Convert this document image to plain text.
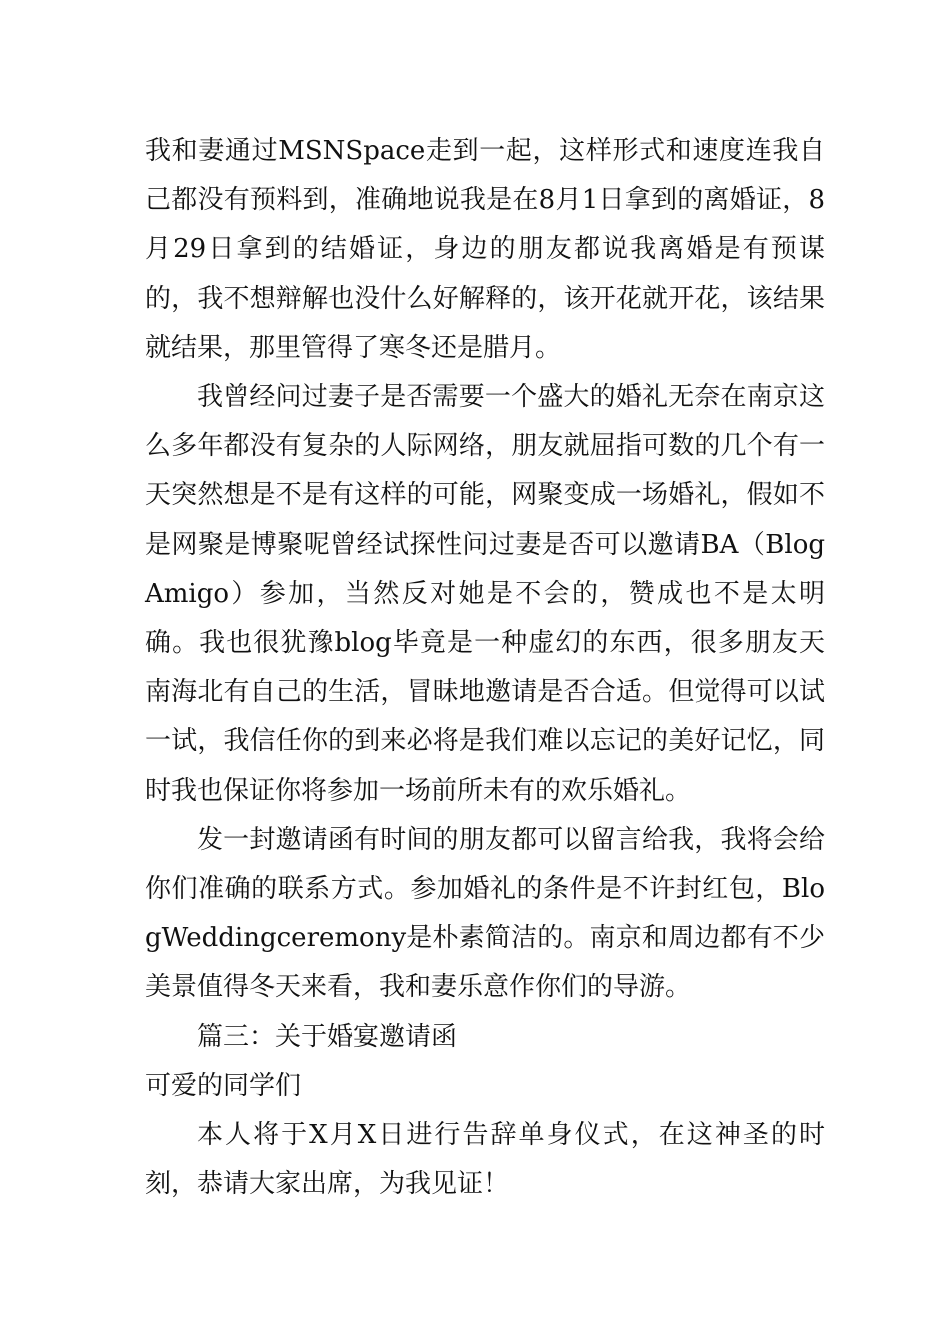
我和妻通过MSNSpace走到一起，这样形式和速度连我自己都没有预料到，准确地说我是在8月1日拿到的离婚证，8月29日拿到的结婚证，身边的朋友都说我离婚是有预谋的，我不想辩解也没什么好解释的，该开花就开花，该结果就结果，那里管得了寒冬还是腊月。

我曾经问过妻子是否需要一个盛大的婚礼无奈在南京这么多年都没有复杂的人际网络，朋友就屈指可数的几个有一天突然想是不是有这样的可能，网聚变成一场婚礼，假如不是网聚是博聚呢曾经试探性问过妻是否可以邀请BA（BlogAmigo）参加，当然反对她是不会的，赞成也不是太明确。我也很犹豫blog毕竟是一种虚幻的东西，很多朋友天南海北有自己的生活，冒昧地邀请是否合适。但觉得可以试一试，我信任你的到来必将是我们难以忘记的美好记忆，同时我也保证你将参加一场前所未有的欢乐婚礼。

发一封邀请函有时间的朋友都可以留言给我，我将会给你们准确的联系方式。参加婚礼的条件是不许封红包，BlogWeddingceremony是朴素简洁的。南京和周边都有不少美景值得冬天来看，我和妻乐意作你们的导游。

篇三：关于婚宴邀请函

可爱的同学们

本人将于X月X日进行告辞单身仪式，在这神圣的时刻，恭请大家出席，为我见证！
